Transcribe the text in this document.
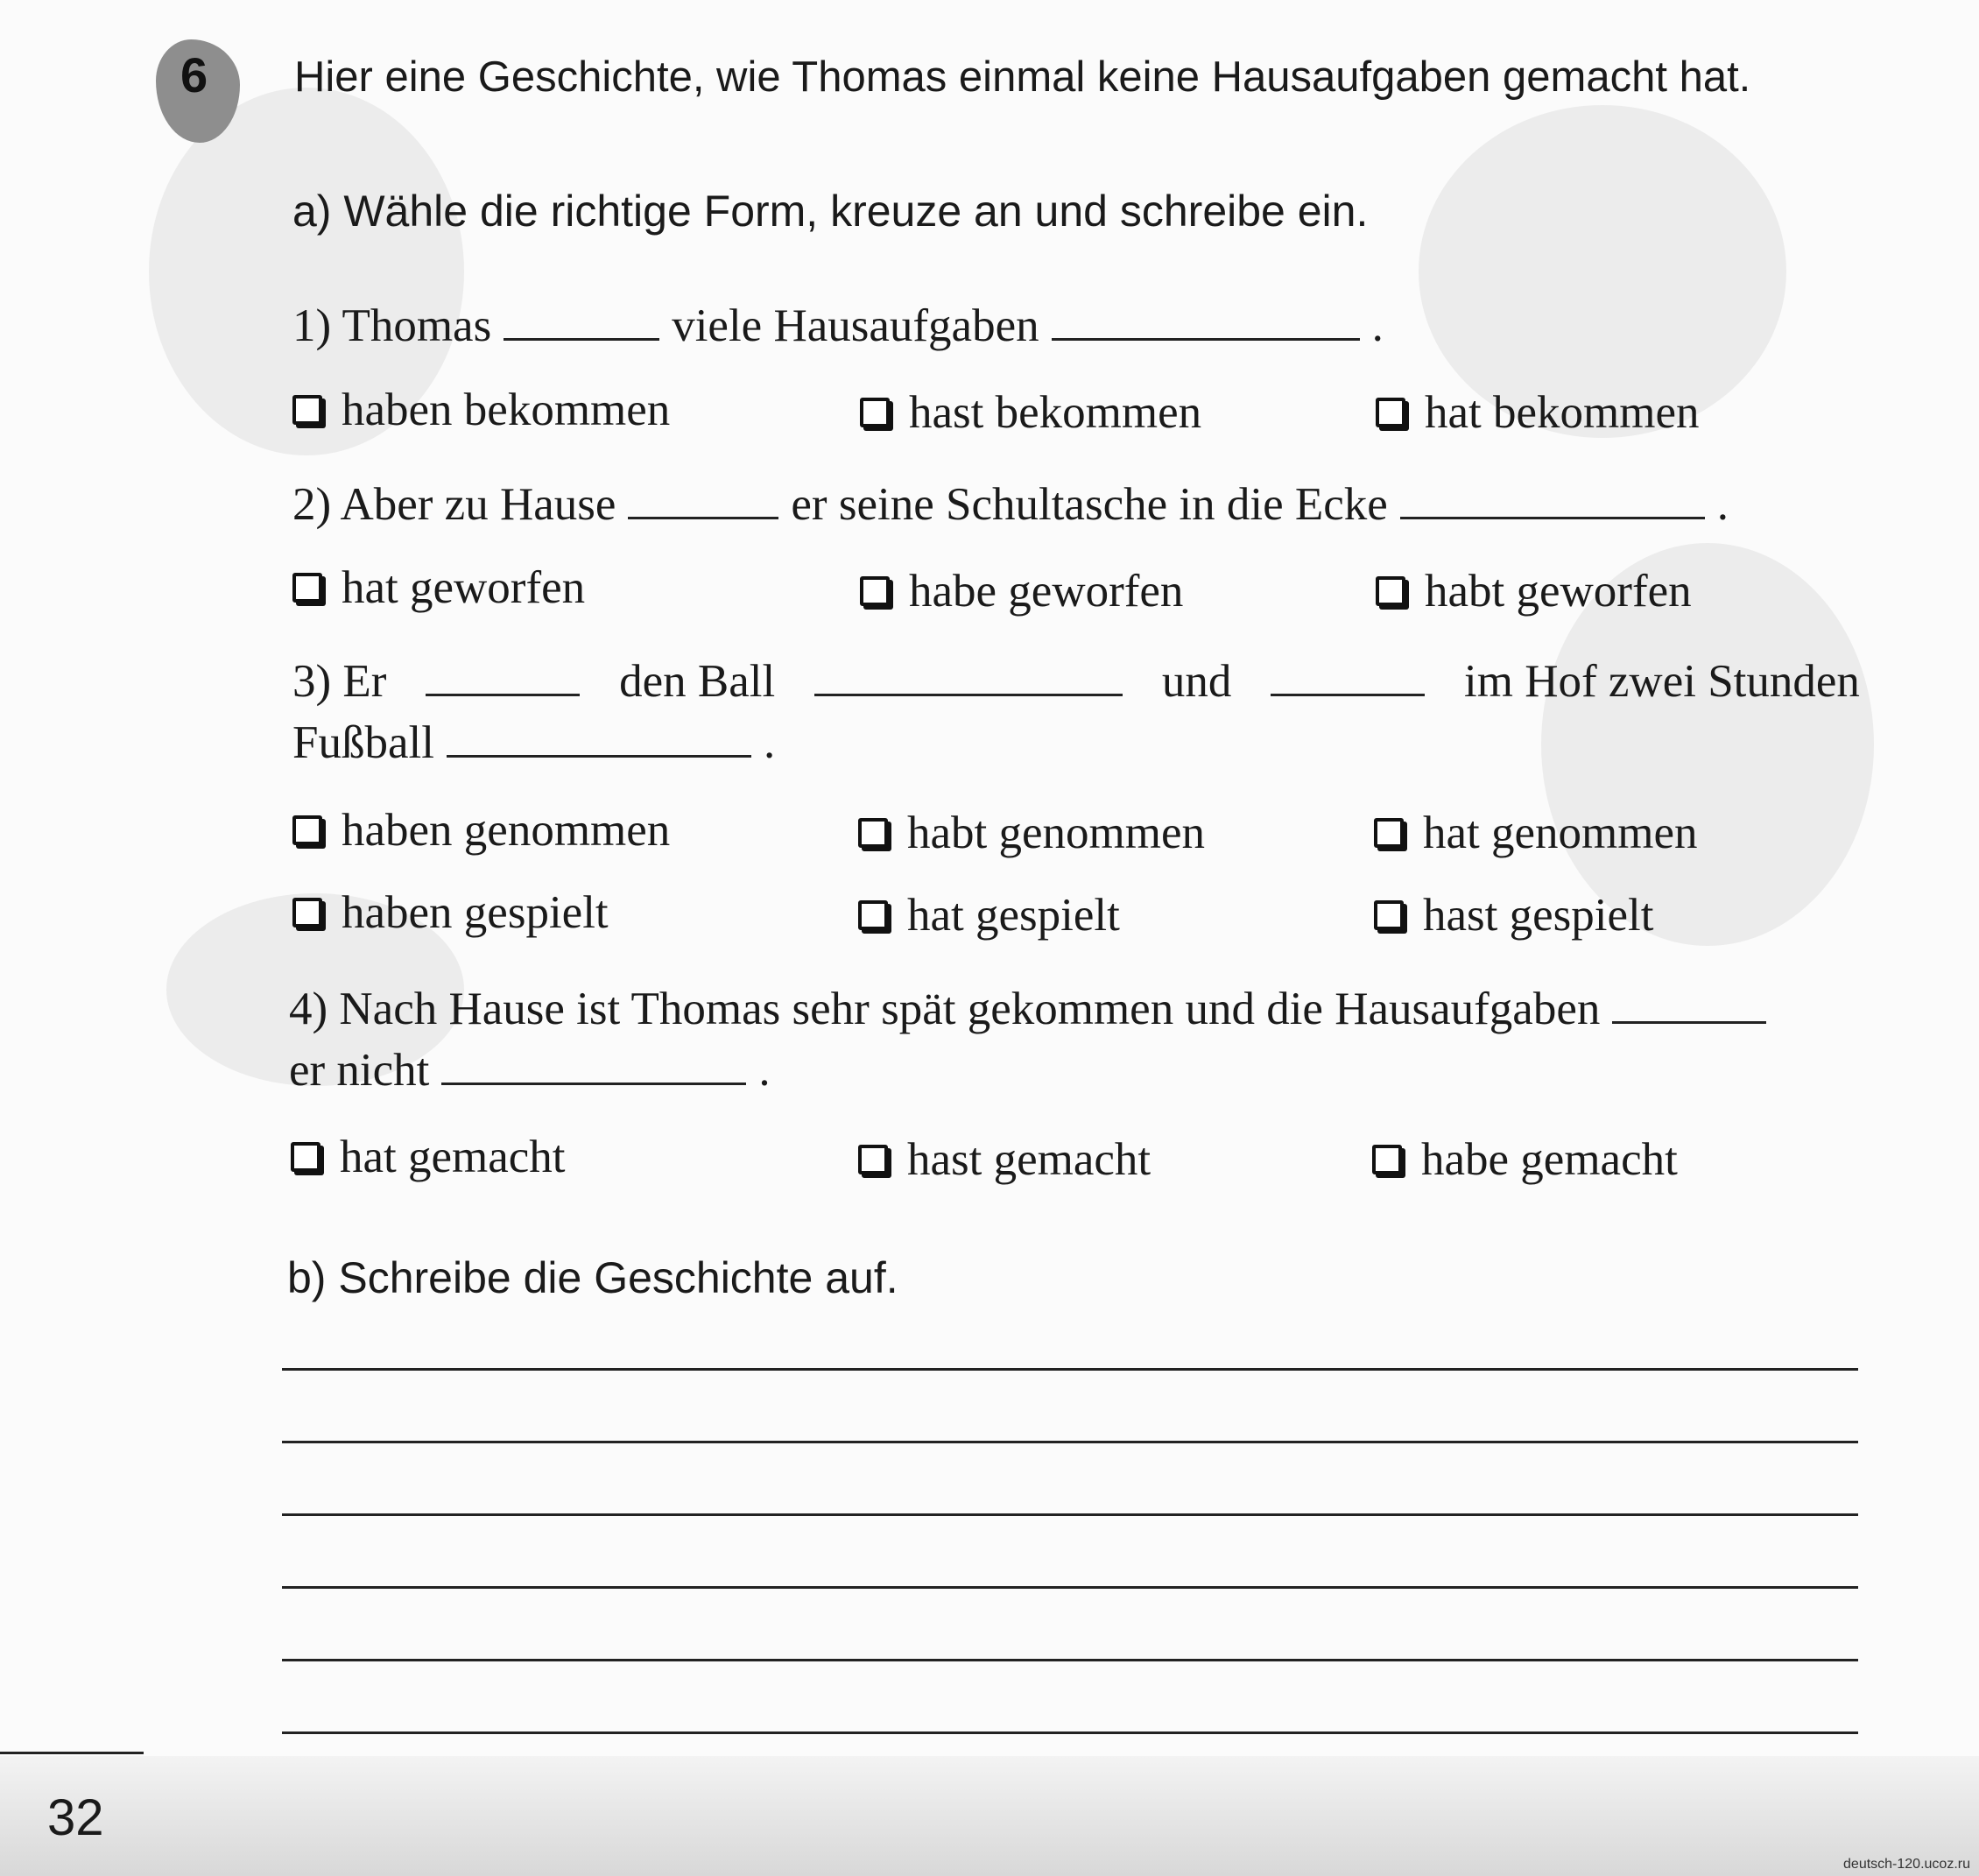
6 Hier eine Geschichte, wie Thomas einmal keine Hausaufgaben gemacht hat.
a) Wähle die richtige Form, kreuze an und schreibe ein.
1) Thomas	viele Hausaufgaben	.
haben bekommen	hast bekommen	hat bekommen
2) Aber zu Hause	er seine Schultasche in die Ecke	.
hat geworfen	habe geworfen	habt geworfen
3) Er	den Ball	und	im Hof zwei Stunden
Fußball	.
haben genommen	habt genommen	hat genommen
haben gespielt	hat gespielt	hast gespielt
4) Nach Hause ist Thomas sehr spät gekommen und die Hausaufgaben
er nicht	.
hat gemacht	hast gemacht	habe gemacht
b) Schreibe die Geschichte auf.
32
deutsch-120.ucoz.ru
